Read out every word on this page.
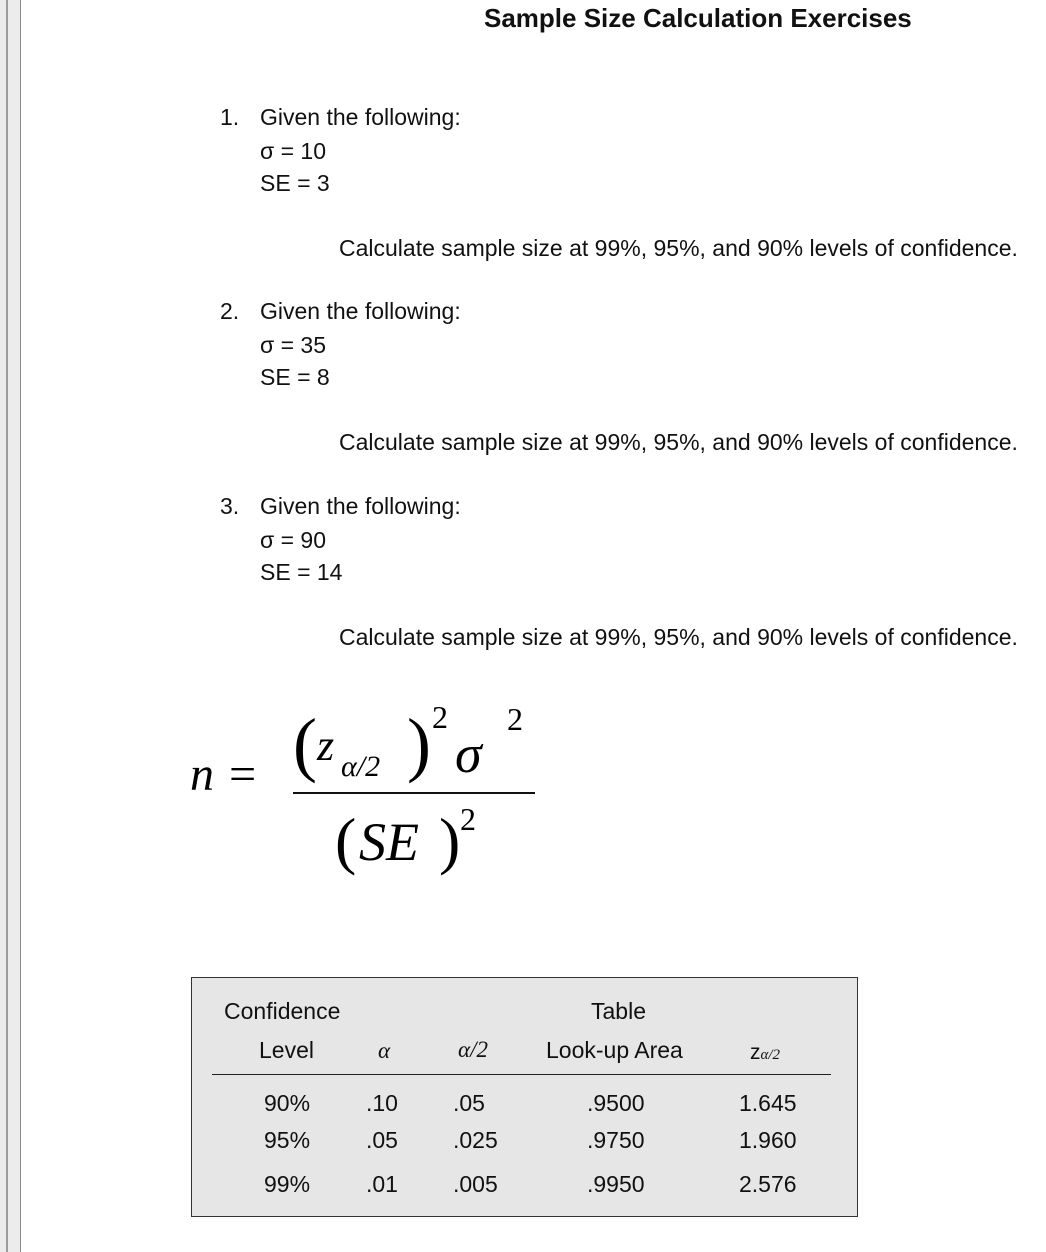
Sample Size Calculation Exercises
1. Given the following:
σ = 10
SE = 3
Calculate sample size at 99%, 95%, and 90% levels of confidence.
2. Given the following:
σ = 35
SE = 8
Calculate sample size at 99%, 95%, and 90% levels of confidence.
3. Given the following:
σ = 90
SE = 14
Calculate sample size at 99%, 95%, and 90% levels of confidence.
n = ( z α/2 ) 2
σ
2
( SE ) 2
Confidence
Level	α	α/2
Table
Look-up Area	zα/2
90% .10 .05	.9500	1.645
95% .05 .025	.9750	1.960
99% .01 .005	.9950	2.576
